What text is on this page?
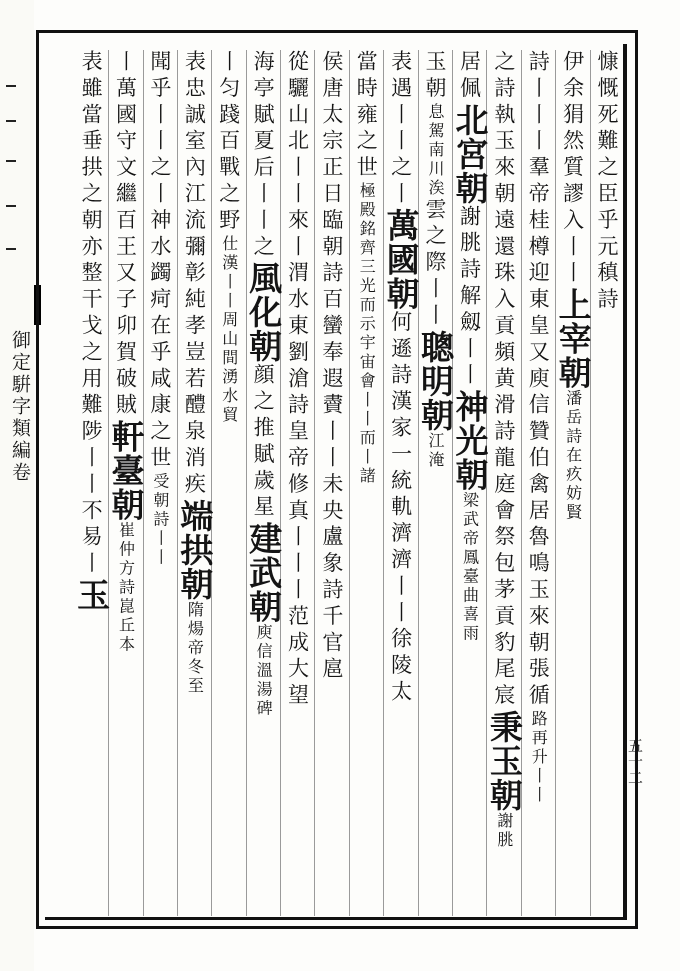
御定騈字類編卷
慷慨死難之臣乎元稹詩
伊余狷然質謬入丨丨上宰朝潘岳詩在疚妨賢
詩丨丨丨羣帝桂樽迎東皇又庾信贊伯禽居魯鳴玉來朝張循路再升丨丨
之詩執玉來朝遠還珠入貢頻黄滑詩龍庭會祭包茅貢豹尾宸秉玉朝謝朓
居佩北宮朝謝朓詩解劔丨丨神光朝梁武帝鳳臺曲喜雨
玉朝息駕南川涘雲之際丨丨聰明朝江淹
表遇丨丨之丨萬國朝何遜詩漢家一統軌濟濟丨丨徐陵太
當時雍之世極殿銘齊三光而示宇宙會丨丨而丨諸
侯唐太宗正日臨朝詩百蠻奉遐賮丨丨未央盧象詩千官扈
從驪山北丨丨來丨渭水東劉滄詩皇帝修真丨丨丨范成大望
海亭賦夏后丨丨之風化朝顔之推賦歲星建武朝庾信溫湯碑
丨匀踐百戰之野仕漢丨丨周山間湧水貿
表忠誠室內江流彌彰純孝豈若醴泉消疾端拱朝隋煬帝冬至
聞乎丨丨之丨神水蠲疴在乎咸康之世受朝詩丨丨
丨萬國守文繼百王又子卯賀破賊軒臺朝崔仲方詩崑丘本
表雖當垂拱之朝亦整干戈之用難陟丨丨不易丨玉
五十二
